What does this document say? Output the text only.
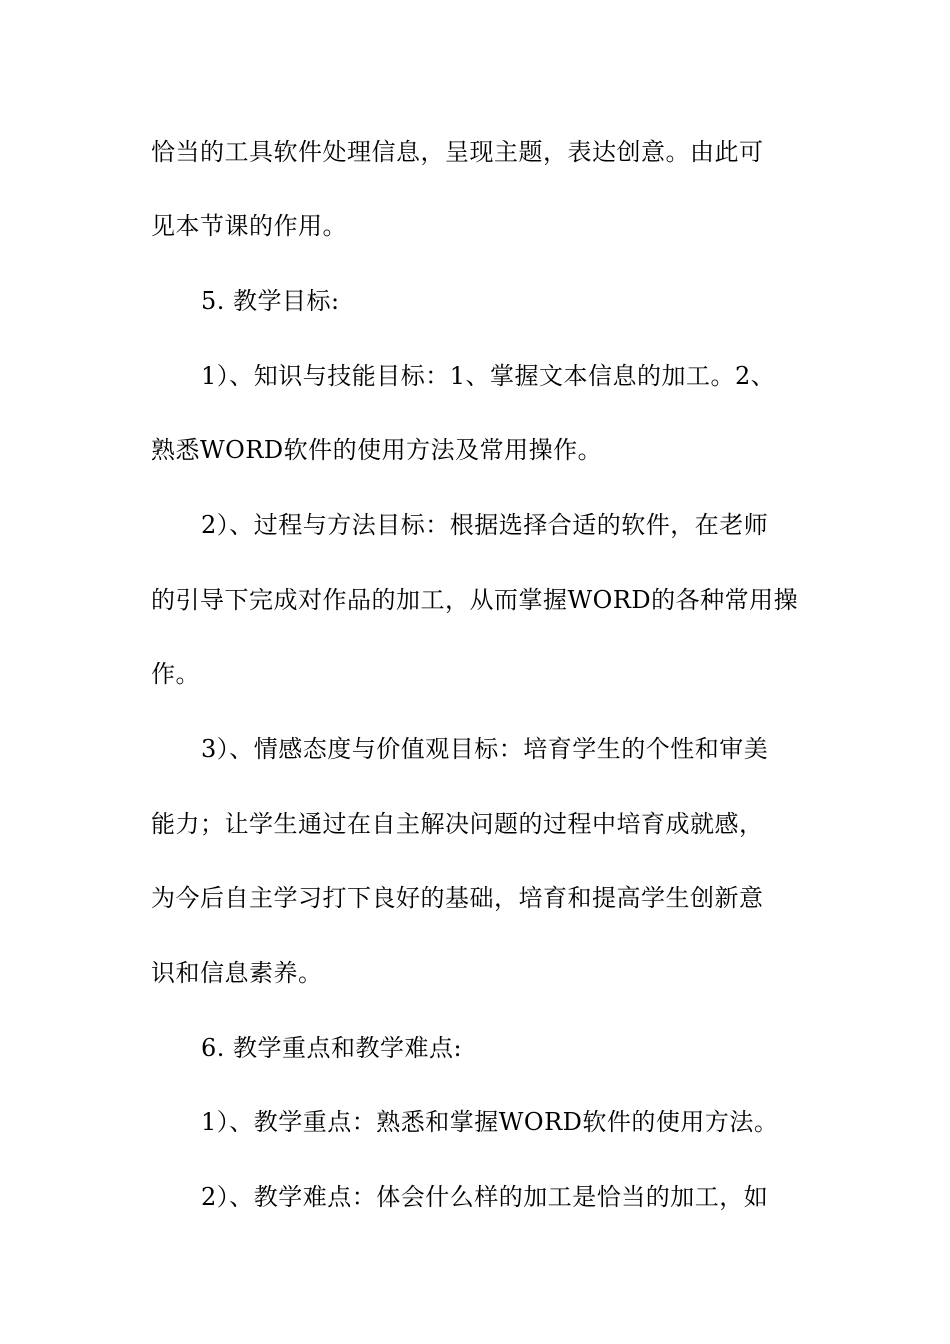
恰当的工具软件处理信息，呈现主题，表达创意。由此可
见本节课的作用。
5. 教学目标:
1）、知识与技能目标：1、掌握文本信息的加工。2、
熟悉WORD软件的使用方法及常用操作。
2）、过程与方法目标：根据选择合适的软件，在老师
的引导下完成对作品的加工，从而掌握WORD的各种常用操
作。
3）、情感态度与价值观目标：培育学生的个性和审美
能力；让学生通过在自主解决问题的过程中培育成就感，
为今后自主学习打下良好的基础，培育和提高学生创新意
识和信息素养。
6. 教学重点和教学难点:
1）、教学重点：熟悉和掌握WORD软件的使用方法。
2）、教学难点：体会什么样的加工是恰当的加工，如
